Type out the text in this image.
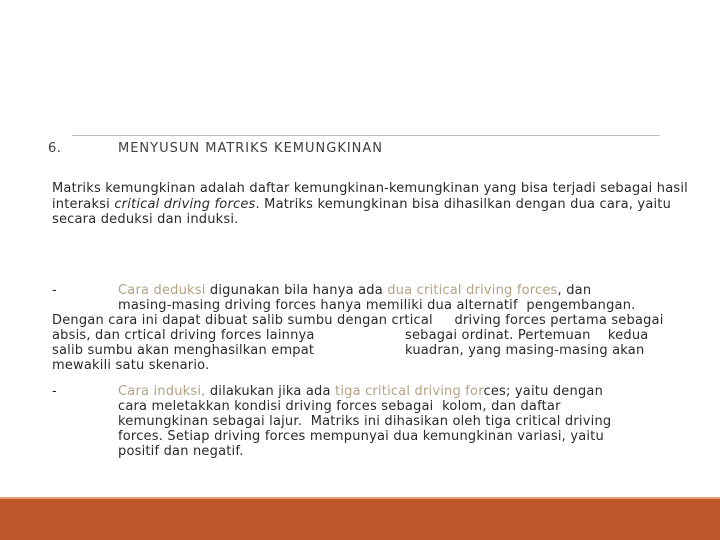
6.	MENYUSUN MATRIKS KEMUNGKINAN
Matriks kemungkinan adalah daftar kemungkinan-kemungkinan yang bisa terjadi sebagai hasil interaksi critical driving forces. Matriks kemungkinan bisa dihasilkan dengan dua cara, yaitu secara deduksi dan induksi.
-	Cara deduksi digunakan bila hanya ada dua critical driving forces, dan
masing-masing driving forces hanya memiliki dua alternatif  pengembangan.
Dengan cara ini dapat dibuat salib sumbu dengan crtical     driving forces pertama sebagai
absis, dan crtical driving forces lainnya	sebagai ordinat. Pertemuan    kedua
salib sumbu akan menghasilkan empat	kuadran, yang masing-masing akan
mewakili satu skenario.
-	Cara induksi, dilakukan jika ada tiga critical driving forces; yaitu dengan
cara meletakkan kondisi driving forces sebagai  kolom, dan daftar
kemungkinan sebagai lajur.  Matriks ini dihasikan oleh tiga critical driving
forces. Setiap driving forces mempunyai dua kemungkinan variasi, yaitu
positif dan negatif.
